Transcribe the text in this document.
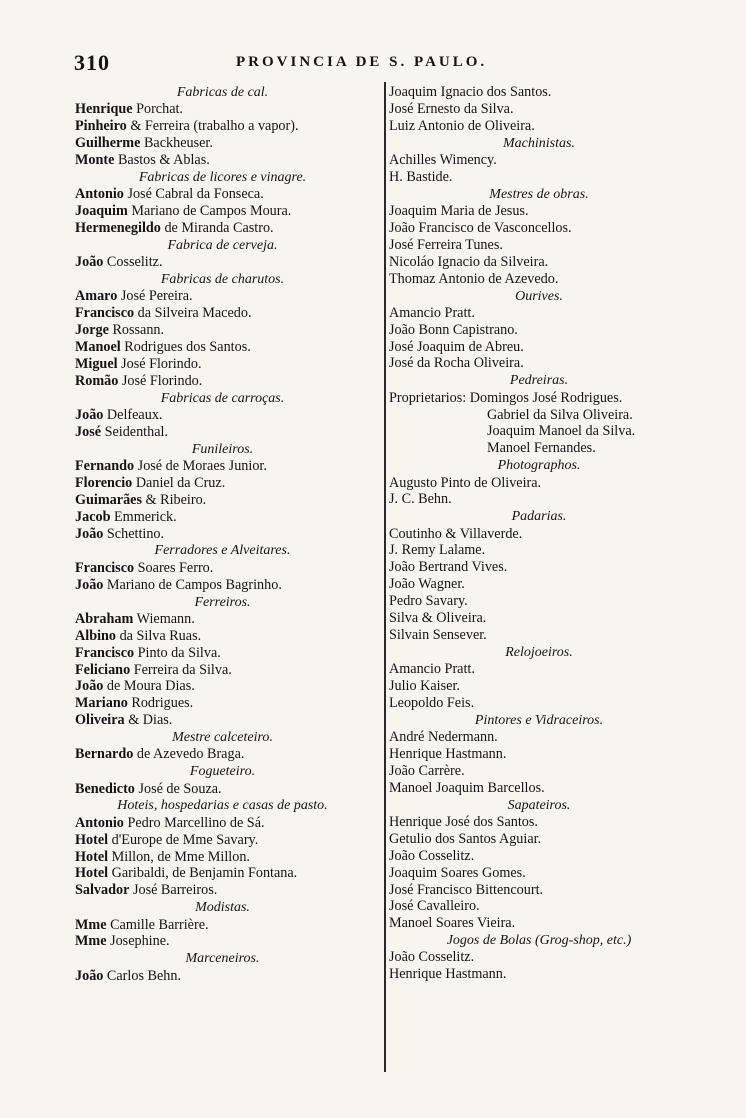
310	PROVINCIA DE S. PAULO.
Fabricas de cal.
Henrique Porchat.
Pinheiro & Ferreira (trabalho a vapor).
Guilherme Backheuser.
Monte Bastos & Ablas.
Fabricas de licores e vinagre.
Antonio José Cabral da Fonseca.
Joaquim Mariano de Campos Moura.
Hermenegildo de Miranda Castro.
Fabrica de cerveja.
João Cosselitz.
Fabricas de charutos.
Amaro José Pereira.
Francisco da Silveira Macedo.
Jorge Rossann.
Manoel Rodrigues dos Santos.
Miguel José Florindo.
Romão José Florindo.
Fabricas de carroças.
João Delfeaux.
José Seidenthal.
Funileiros.
Fernando José de Moraes Junior.
Florencio Daniel da Cruz.
Guimarães & Ribeiro.
Jacob Emmerick.
João Schettino.
Ferradores e Alveitares.
Francisco Soares Ferro.
João Mariano de Campos Bagrinho.
Ferreiros.
Abraham Wiemann.
Albino da Silva Ruas.
Francisco Pinto da Silva.
Feliciano Ferreira da Silva.
João de Moura Dias.
Mariano Rodrigues.
Oliveira & Dias.
Mestre calceteiro.
Bernardo de Azevedo Braga.
Fogueteiro.
Benedicto José de Souza.
Hoteis, hospedarias e casas de pasto.
Antonio Pedro Marcellino de Sá.
Hotel d'Europe de Mme Savary.
Hotel Millon, de Mme Millon.
Hotel Garibaldi, de Benjamin Fontana.
Salvador José Barreiros.
Modistas.
Mme Camille Barrière.
Mme Josephine.
Marceneiros.
João Carlos Behn.
Joaquim Ignacio dos Santos.
José Ernesto da Silva.
Luiz Antonio de Oliveira.
Machinistas.
Achilles Wimency.
H. Bastide.
Mestres de obras.
Joaquim Maria de Jesus.
João Francisco de Vasconcellos.
José Ferreira Tunes.
Nicoláo Ignacio da Silveira.
Thomaz Antonio de Azevedo.
Ourives.
Amancio Pratt.
João Bonn Capistrano.
José Joaquim de Abreu.
José da Rocha Oliveira.
Pedreiras.
Proprietarios: Domingos José Rodrigues.
Gabriel da Silva Oliveira.
Joaquim Manoel da Silva.
Manoel Fernandes.
Photographos.
Augusto Pinto de Oliveira.
J. C. Behn.
Padarias.
Coutinho & Villaverde.
J. Remy Lalame.
João Bertrand Vives.
João Wagner.
Pedro Savary.
Silva & Oliveira.
Silvain Sensever.
Relojoeiros.
Amancio Pratt.
Julio Kaiser.
Leopoldo Feis.
Pintores e Vidraceiros.
André Nedermann.
Henrique Hastmann.
João Carrère.
Manoel Joaquim Barcellos.
Sapateiros.
Henrique José dos Santos.
Getulio dos Santos Aguiar.
João Cosselitz.
Joaquim Soares Gomes.
José Francisco Bittencourt.
José Cavalleiro.
Manoel Soares Vieira.
Jogos de Bolas (Grog-shop, etc.)
João Cosselitz.
Henrique Hastmann.
